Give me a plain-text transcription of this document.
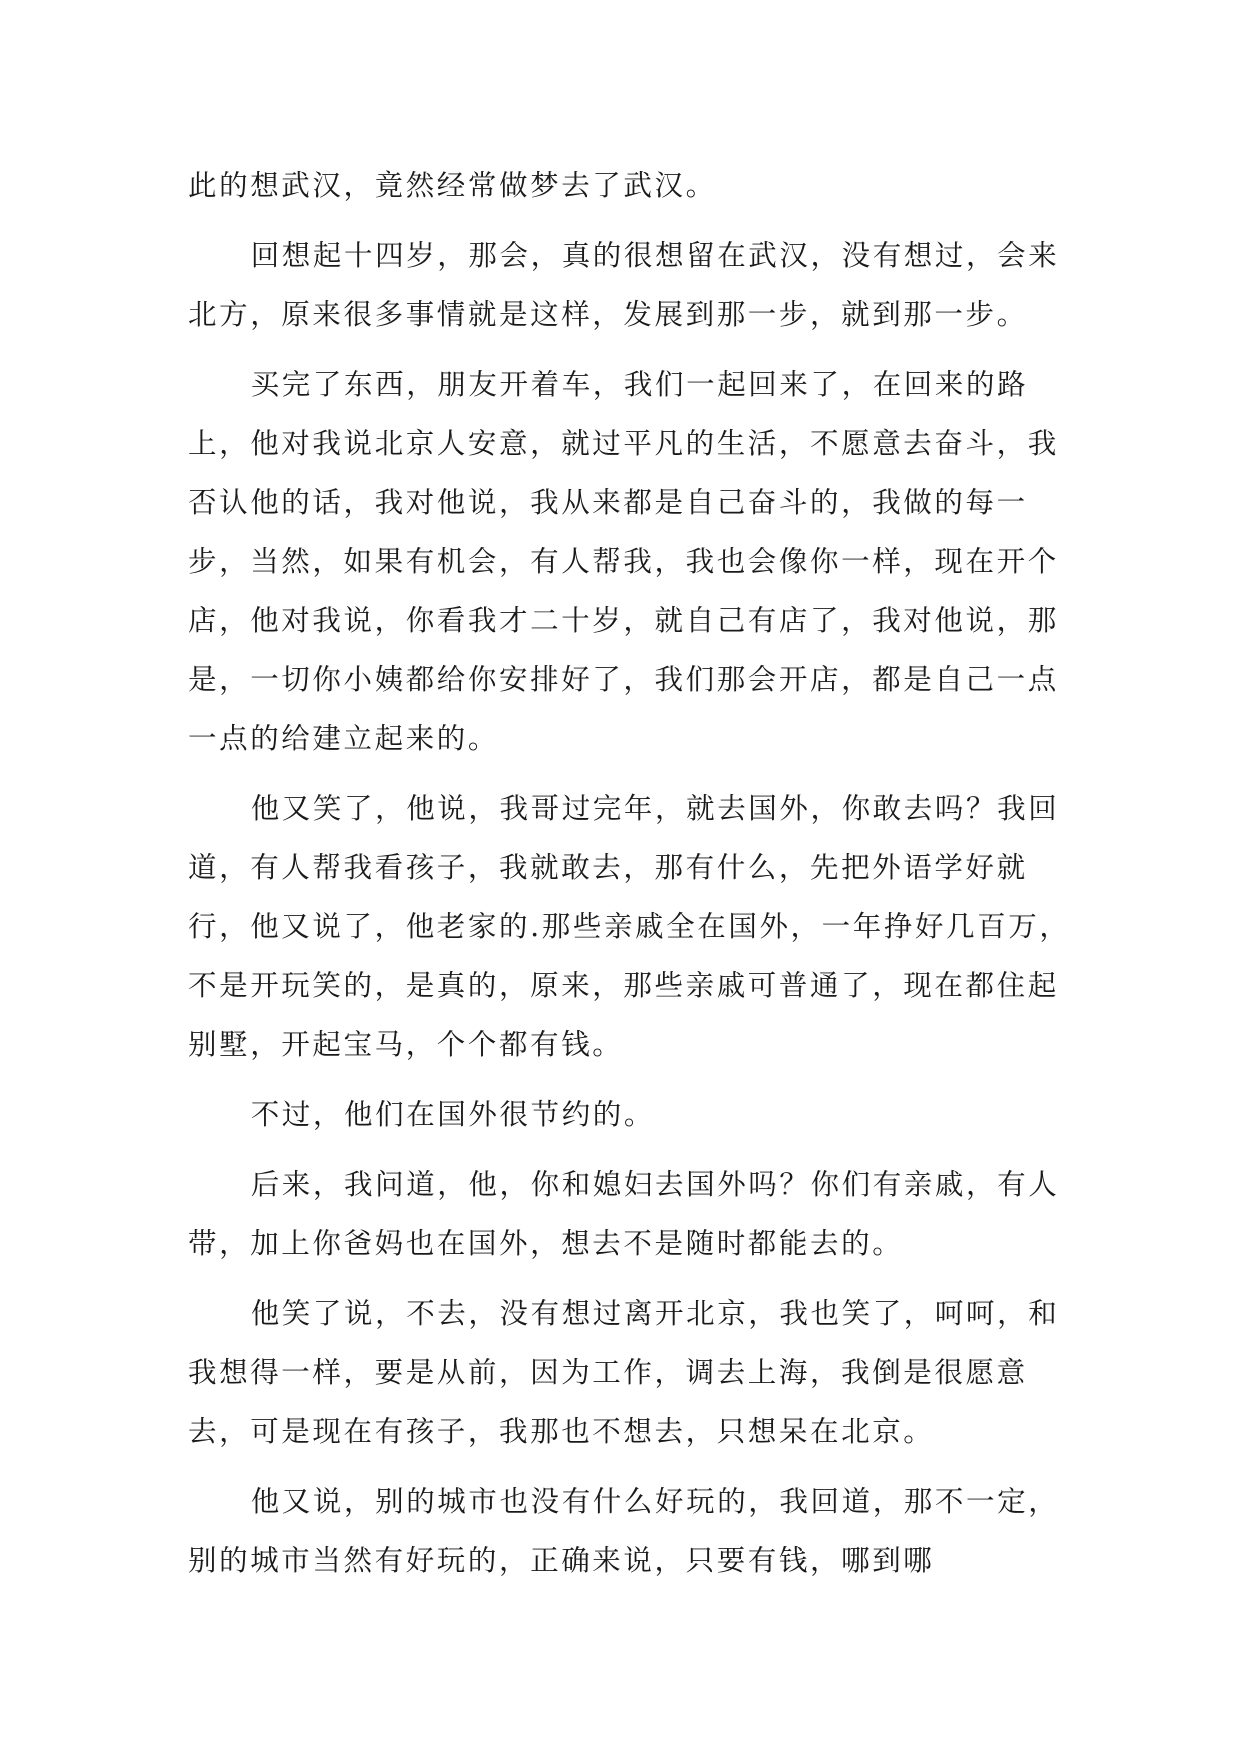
此的想武汉，竟然经常做梦去了武汉。

回想起十四岁，那会，真的很想留在武汉，没有想过，会来北方，原来很多事情就是这样，发展到那一步，就到那一步。

买完了东西，朋友开着车，我们一起回来了，在回来的路上，他对我说北京人安意，就过平凡的生活，不愿意去奋斗，我否认他的话，我对他说，我从来都是自己奋斗的，我做的每一步，当然，如果有机会，有人帮我，我也会像你一样，现在开个店，他对我说，你看我才二十岁，就自己有店了，我对他说，那是，一切你小姨都给你安排好了，我们那会开店，都是自己一点一点的给建立起来的。

他又笑了，他说，我哥过完年，就去国外，你敢去吗？我回道，有人帮我看孩子，我就敢去，那有什么，先把外语学好就行，他又说了，他老家的.那些亲戚全在国外，一年挣好几百万，不是开玩笑的，是真的，原来，那些亲戚可普通了，现在都住起别墅，开起宝马，个个都有钱。

不过，他们在国外很节约的。

后来，我问道，他，你和媳妇去国外吗？你们有亲戚，有人带，加上你爸妈也在国外，想去不是随时都能去的。

他笑了说，不去，没有想过离开北京，我也笑了，呵呵，和我想得一样，要是从前，因为工作，调去上海，我倒是很愿意去，可是现在有孩子，我那也不想去，只想呆在北京。

他又说，别的城市也没有什么好玩的，我回道，那不一定，别的城市当然有好玩的，正确来说，只要有钱，哪到哪
